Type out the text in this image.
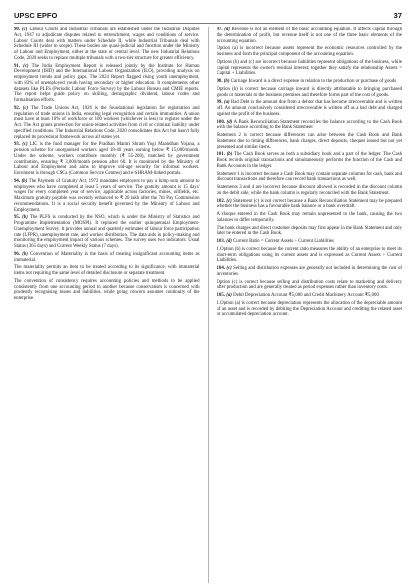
UPSC EPFO	37

90. (c) Labour Courts and Industrial Tribunals are established under the Industrial Disputes Act, 1947 to adjudicate disputes related to retrenchment, wages and conditions of service. Labour Courts deal with matters under Schedule II, while Industrial Tribunals deal with Schedule III (wider in scope). These bodies are quasi-judicial and function under the Ministry of Labour and Employment, either at the state or central level. The new Industrial Relations Code, 2020 seeks to replace multiple tribunals with a two-tier structure for greater efficiency.

91. (c) The India Employment Report is released jointly by the Institute for Human Development (IHD) and the International Labour Organization (ILO), providing analysis on employment trends and policy gaps. The 2024 Report flagged rising youth unemployment, with 83% of unemployed youth having secondary or higher education. It complements other datasets like PLFS (Periodic Labour Force Survey) by the Labour Bureau and CMIE reports. The report helps guide policy on skilling, demographic dividend, labour codes and formalisation efforts.

92. (c) The Trade Unions Act, 1926 is the foundational legislation for registration and regulation of trade unions in India, ensuring legal recognition and certain immunities. A union must have at least 10% of workforce or 100 workers (whichever is less) to register under the Act. The Act grants protection for union-related activities from civil or criminal liability under specified conditions. The Industrial Relations Code, 2020 consolidates this Act but hasn't fully replaced its procedural framework across all states yet.

93. (c) LIC is the fund manager for the Pradhan Mantri Shram Yogi Maandhan Yojana, a pension scheme for unorganised workers aged 18-40 years earning below ₹ 15,000/month. Under the scheme, workers contribute monthly (₹ 55-200), matched by government contribution, ensuring ₹ 3,000/month pension after 60. It is monitored by the Ministry of Labour and Employment and aims to improve old-age security for informal workers. Enrolment is through CSCs (Common Service Centres) and e-SHRAM-linked portals.

94. (b) The Payment of Gratuity Act, 1972 mandates employers to pay a lump sum amount to employees who have completed at least 5 years of service. The gratuity amount is 15 days' wages for every completed year of service, applicable across factories, mines, oilfields, etc. Maximum gratuity payable was recently enhanced to ₹ 20 lakh after the 7th Pay Commission recommendations. It is a social security benefit governed by the Ministry of Labour and Employment.

95. (b) The PLFS is conducted by the NSO, which is under the Ministry of Statistics and Programme Implementation (MOSPI). It replaced the earlier quinquennial Employment-Unemployment Survey. It provides annual and quarterly estimates of labour force participation rate (LFPR), unemployment rate, and worker distribution. The data aids in policy-making and monitoring the employment impact of various schemes. The survey uses two indicators: Usual Status (365 days) and Current Weekly Status (7 days).

96. (b) Convention of Materiality is the basis of treating insignificant accounting items as immaterial.

The materiality permits an item to be treated according to its significance, with immaterial items not requiring the same level of detailed disclosure or separate treatment.

The convention of consistency requires accounting policies and methods to be applied consistently from one accounting period to another because conservatism is concerned with prudently recognising losses and liabilities, while going concern assumes continuity of the enterprise.

97. (d) Revenue is not an element of the basic accounting equation. It affects capital through the determination of profit, but revenue itself is not one of the three basic elements of the accounting equation.

Option (a) is incorrect because assets represent the economic resources controlled by the business and form the principal component of the accounting equation.

Options (b) and (c) are incorrect because liabilities represent obligations of the business, while capital represents the owner's residual interest; together they satisfy the relationship Assets = Capital + Liabilities.

98. (b) Carriage Inward is a direct expense in relation to the production or purchase of goods

Option (b) is correct because carriage inward is directly attributable to bringing purchased goods or materials to the business premises and therefore forms part of the cost of goods.

99. (a) Bad Debt is the amount due from a debtor that has become irrecoverable and is written off. An amount conclusively considered irrecoverable is written off as a bad debt and charged against the profit of the business.

100. (d) A Bank Reconciliation Statement reconciles the balance according to the Cash Book with the balance according to the Bank Statement

Statement 2 is correct because differences can arise between the Cash Book and Bank Statement due to timing differences, bank charges, direct deposits, cheques issued but not yet presented and similar items.

101. (b) The Cash Book serves as both a subsidiary book and a part of the ledger. The Cash Book records original transactions and simultaneously performs the function of the Cash and Bank Accounts in the ledger.

Statement 1 is incorrect because a Cash Book may contain separate columns for cash, bank and discount transactions and therefore can record bank transactions as well.

Statements 3 and 4 are incorrect because discount allowed is recorded in the discount column on the debit side, while the bank column is regularly reconciled with the Bank Statement.

102. (c) Statement (c) is not correct because a Bank Reconciliation Statement may be prepared whether the business has a favourable bank balance or a bank overdraft.

A cheque entered in the Cash Book may remain unpresented to the bank, causing the two balances to differ temporarily.

The bank charges and direct customer deposits may first appear in the Bank Statement and only later be entered in the Cash Book.

103. (d) Current Ratio = Current Assets ÷ Current Liabilities

1.Option (b) is correct because the current ratio measures the ability of an enterprise to meet its short-term obligations using its current assets and is expressed as Current Assets ÷ Current Liabilities.

104. (c) Selling and distribution expenses are generally not included in determining the cost of inventories

Option (c) is correct because selling and distribution costs relate to marketing and delivery after production and are generally treated as period expenses rather than inventory costs.

105. (a) Debit Depreciation Account ₹5,000 and Credit Machinery Account ₹5,000

1.Option (a) is correct because depreciation represents the allocation of the depreciable amount of an asset and is recorded by debiting the Depreciation Account and crediting the related asset or accumulated depreciation account.
